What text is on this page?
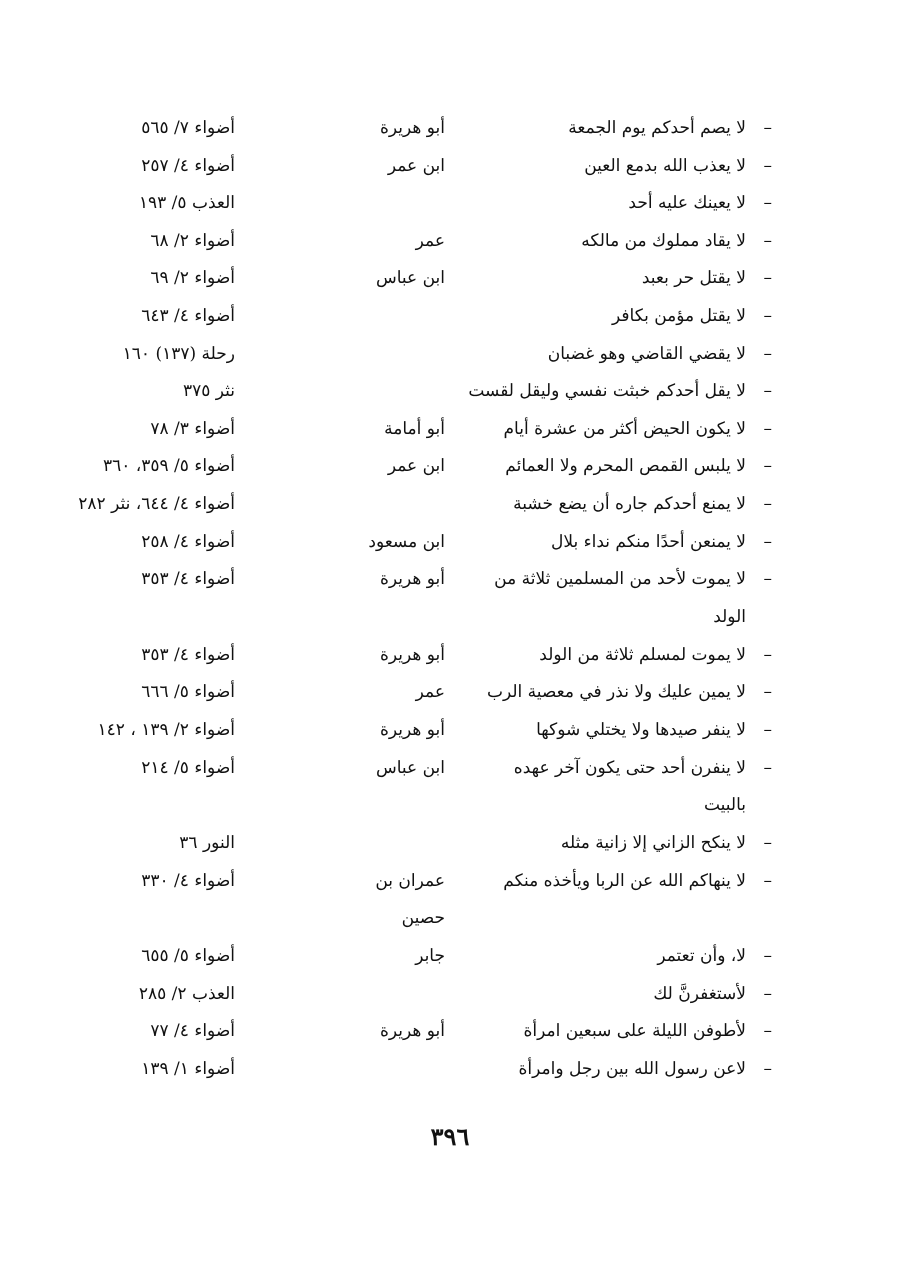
–
لا يصم أحدكم يوم الجمعة
أبو هريرة
أضواء ٧/ ٥٦٥
–
لا يعذب الله بدمع العين
ابن عمر
أضواء ٤/ ٢٥٧
–
لا يعينك عليه أحد
العذب ٥/ ١٩٣
–
لا يقاد مملوك من مالكه
عمر
أضواء ٢/ ٦٨
–
لا يقتل حر بعبد
ابن عباس
أضواء ٢/ ٦٩
–
لا يقتل مؤمن بكافر
أضواء ٤/ ٦٤٣
–
لا يقضي القاضي وهو غضبان
رحلة (١٣٧) ١٦٠
–
لا يقل أحدكم خبثت نفسي وليقل لقست
نثر ٣٧٥
–
لا يكون الحيض أكثر من عشرة أيام
أبو أمامة
أضواء ٣/ ٧٨
–
لا يلبس القمص المحرم ولا العمائم
ابن عمر
أضواء ٥/ ٣٥٩، ٣٦٠
–
لا يمنع أحدكم جاره أن يضع خشبة
أضواء ٤/ ٦٤٤، نثر ٢٨٢
–
لا يمنعن أحدًا منكم نداء بلال
ابن مسعود
أضواء ٤/ ٢٥٨
–
لا يموت لأحد من المسلمين ثلاثة من
أبو هريرة
أضواء ٤/ ٣٥٣
الولد
–
لا يموت لمسلم ثلاثة من الولد
أبو هريرة
أضواء ٤/ ٣٥٣
–
لا يمين عليك ولا نذر في معصية الرب
عمر
أضواء ٥/ ٦٦٦
–
لا ينفر صيدها ولا يختلي شوكها
أبو هريرة
أضواء ٢/ ١٣٩ ، ١٤٢
–
لا ينفرن أحد حتى يكون آخر عهده
ابن عباس
أضواء ٥/ ٢١٤
بالبيت
–
لا ينكح الزاني إلا زانية مثله
النور ٣٦
–
لا ينهاكم الله عن الربا ويأخذه منكم
عمران بن
أضواء ٤/ ٣٣٠
حصين
–
لا، وأن تعتمر
جابر
أضواء ٥/ ٦٥٥
–
لأستغفرنَّ لك
العذب ٢/ ٢٨٥
–
لأطوفن الليلة على سبعين امرأة
أبو هريرة
أضواء ٤/ ٧٧
–
لاعن رسول الله بين رجل وامرأة
أضواء ١/ ١٣٩
٣٩٦
